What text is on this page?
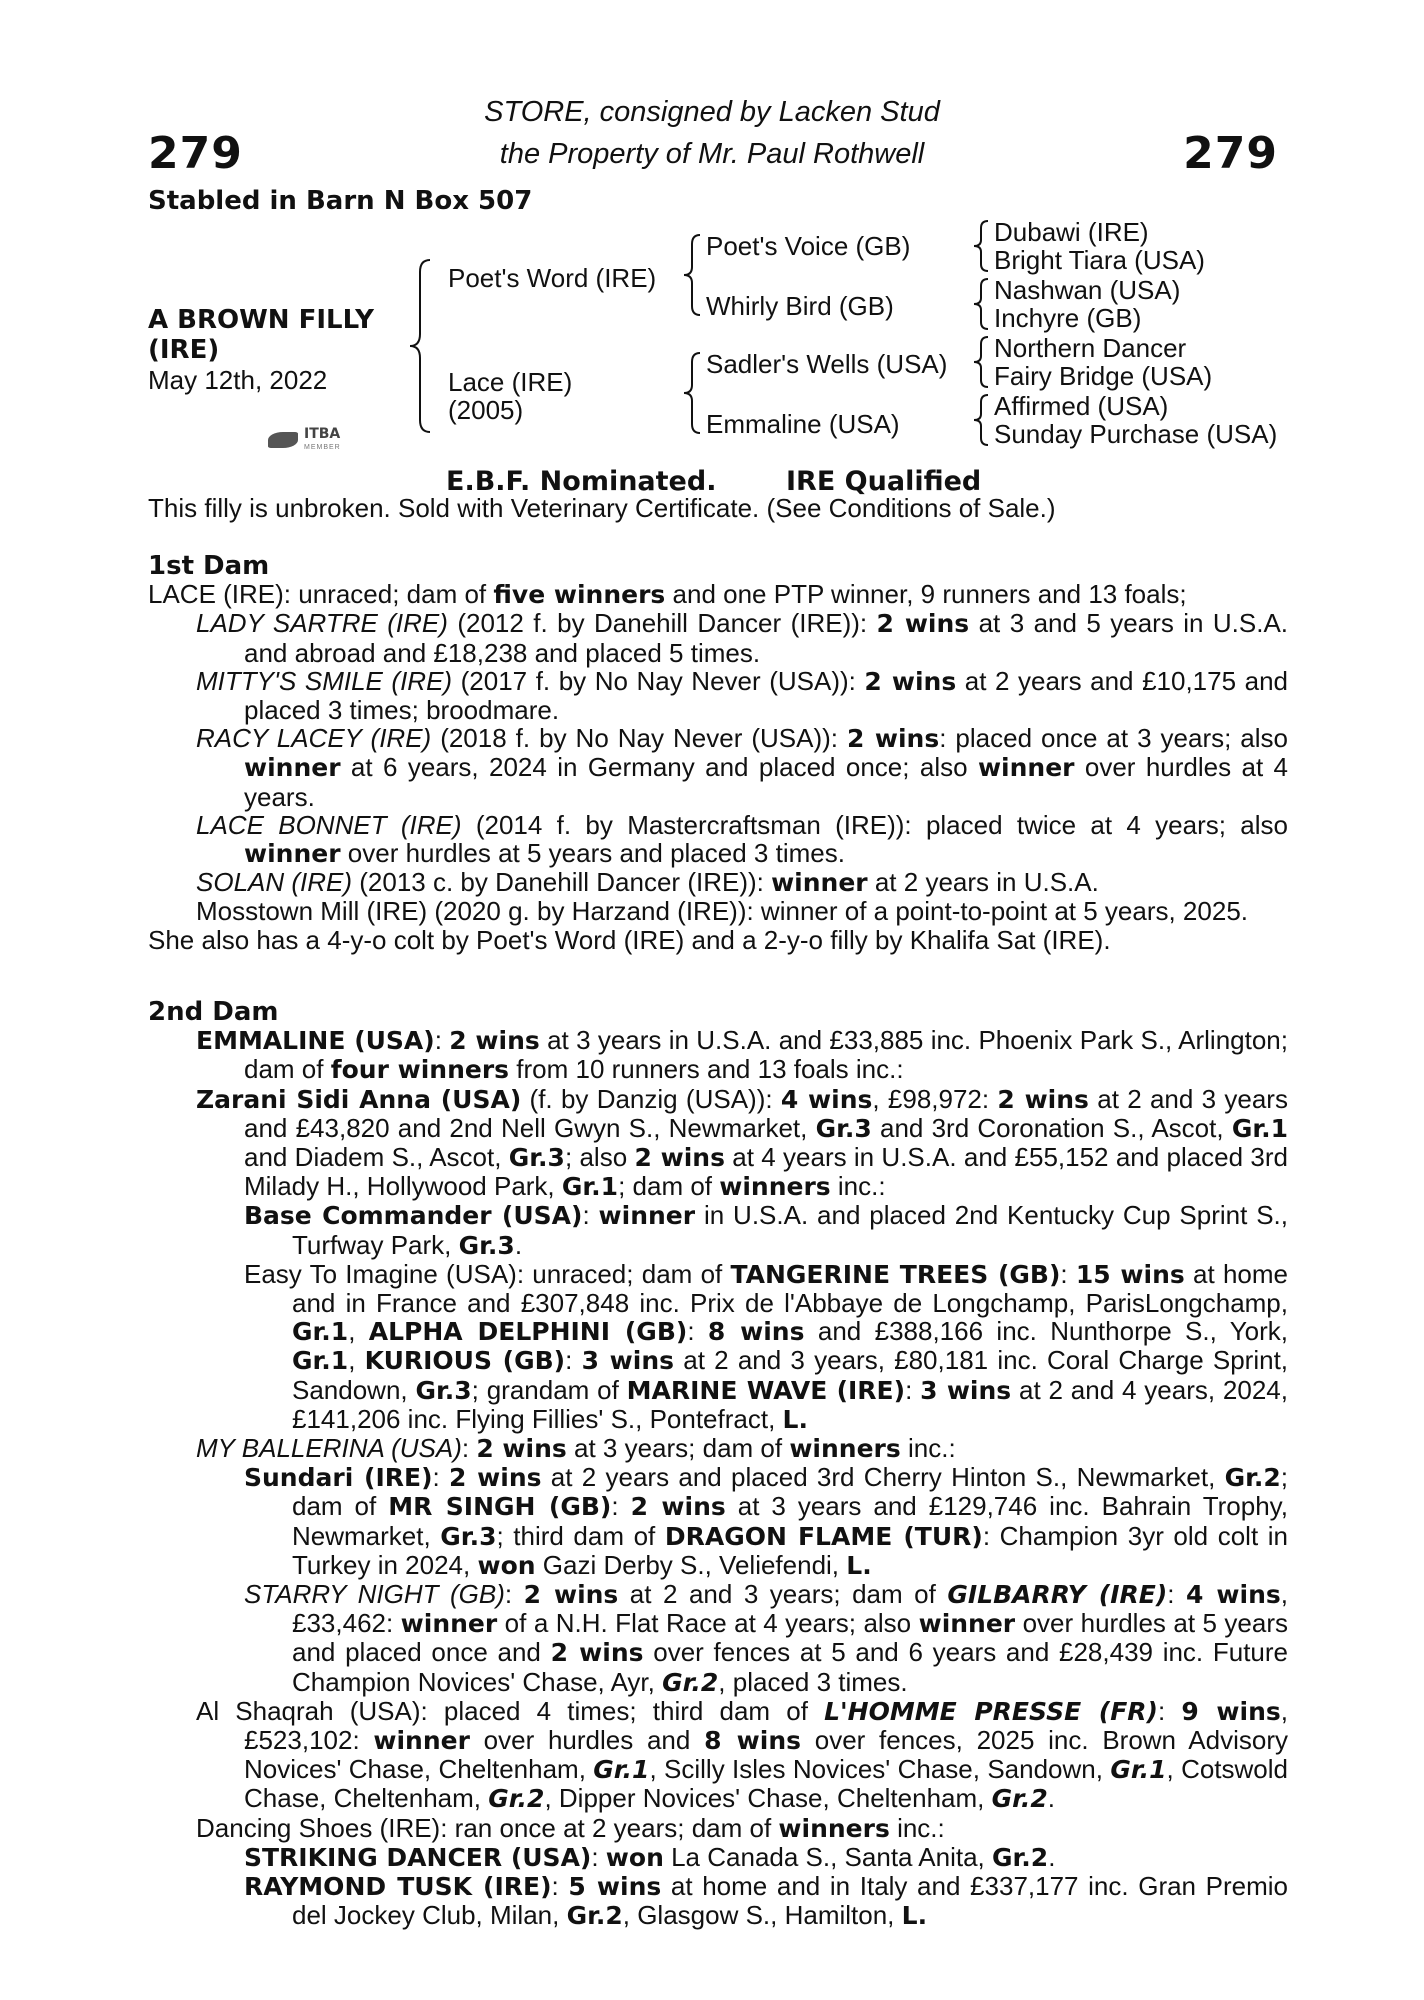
279	279
STORE, consigned by Lacken Stud
the Property of Mr. Paul Rothwell
Stabled in Barn N Box 507
A BROWN FILLY
(IRE)
May 12th, 2022
Poet's Word (IRE)
Lace (IRE)
(2005)
Poet's Voice (GB)
Whirly Bird (GB)
Sadler's Wells (USA)
Emmaline (USA)
Dubawi (IRE)
Bright Tiara (USA)
Nashwan (USA)
Inchyre (GB)
Northern Dancer
Fairy Bridge (USA)
Affirmed (USA)
Sunday Purchase (USA)
ITBA
MEMBER
E.B.F. Nominated.	IRE Qualified

This filly is unbroken. Sold with Veterinary Certificate. (See Conditions of Sale.)

1st Dam

LACE (IRE): unraced; dam of five winners and one PTP winner, 9 runners and 13 foals;

LADY SARTRE (IRE) (2012 f. by Danehill Dancer (IRE)): 2 wins at 3 and 5 years in U.S.A. and abroad and £18,238 and placed 5 times.

MITTY'S SMILE (IRE) (2017 f. by No Nay Never (USA)): 2 wins at 2 years and £10,175 and placed 3 times; broodmare.

RACY LACEY (IRE) (2018 f. by No Nay Never (USA)): 2 wins: placed once at 3 years; also winner at 6 years, 2024 in Germany and placed once; also winner over hurdles at 4 years.

LACE BONNET (IRE) (2014 f. by Mastercraftsman (IRE)): placed twice at 4 years; also winner over hurdles at 5 years and placed 3 times.

SOLAN (IRE) (2013 c. by Danehill Dancer (IRE)): winner at 2 years in U.S.A.

Mosstown Mill (IRE) (2020 g. by Harzand (IRE)): winner of a point-to-point at 5 years, 2025.

She also has a 4-y-o colt by Poet's Word (IRE) and a 2-y-o filly by Khalifa Sat (IRE).

2nd Dam

EMMALINE (USA): 2 wins at 3 years in U.S.A. and £33,885 inc. Phoenix Park S., Arlington; dam of four winners from 10 runners and 13 foals inc.:

Zarani Sidi Anna (USA) (f. by Danzig (USA)): 4 wins, £98,972: 2 wins at 2 and 3 years and £43,820 and 2nd Nell Gwyn S., Newmarket, Gr.3 and 3rd Coronation S., Ascot, Gr.1 and Diadem S., Ascot, Gr.3; also 2 wins at 4 years in U.S.A. and £55,152 and placed 3rd Milady H., Hollywood Park, Gr.1; dam of winners inc.:

Base Commander (USA): winner in U.S.A. and placed 2nd Kentucky Cup Sprint S., Turfway Park, Gr.3.

Easy To Imagine (USA): unraced; dam of TANGERINE TREES (GB): 15 wins at home and in France and £307,848 inc. Prix de l'Abbaye de Longchamp, ParisLongchamp, Gr.1, ALPHA DELPHINI (GB): 8 wins and £388,166 inc. Nunthorpe S., York, Gr.1, KURIOUS (GB): 3 wins at 2 and 3 years, £80,181 inc. Coral Charge Sprint, Sandown, Gr.3; grandam of MARINE WAVE (IRE): 3 wins at 2 and 4 years, 2024, £141,206 inc. Flying Fillies' S., Pontefract, L.

MY BALLERINA (USA): 2 wins at 3 years; dam of winners inc.:

Sundari (IRE): 2 wins at 2 years and placed 3rd Cherry Hinton S., Newmarket, Gr.2; dam of MR SINGH (GB): 2 wins at 3 years and £129,746 inc. Bahrain Trophy, Newmarket, Gr.3; third dam of DRAGON FLAME (TUR): Champion 3yr old colt in Turkey in 2024, won Gazi Derby S., Veliefendi, L.

STARRY NIGHT (GB): 2 wins at 2 and 3 years; dam of GILBARRY (IRE): 4 wins, £33,462: winner of a N.H. Flat Race at 4 years; also winner over hurdles at 5 years and placed once and 2 wins over fences at 5 and 6 years and £28,439 inc. Future Champion Novices' Chase, Ayr, Gr.2, placed 3 times.

Al Shaqrah (USA): placed 4 times; third dam of L'HOMME PRESSE (FR): 9 wins, £523,102: winner over hurdles and 8 wins over fences, 2025 inc. Brown Advisory Novices' Chase, Cheltenham, Gr.1, Scilly Isles Novices' Chase, Sandown, Gr.1, Cotswold Chase, Cheltenham, Gr.2, Dipper Novices' Chase, Cheltenham, Gr.2.

Dancing Shoes (IRE): ran once at 2 years; dam of winners inc.:

STRIKING DANCER (USA): won La Canada S., Santa Anita, Gr.2.

RAYMOND TUSK (IRE): 5 wins at home and in Italy and £337,177 inc. Gran Premio del Jockey Club, Milan, Gr.2, Glasgow S., Hamilton, L.
